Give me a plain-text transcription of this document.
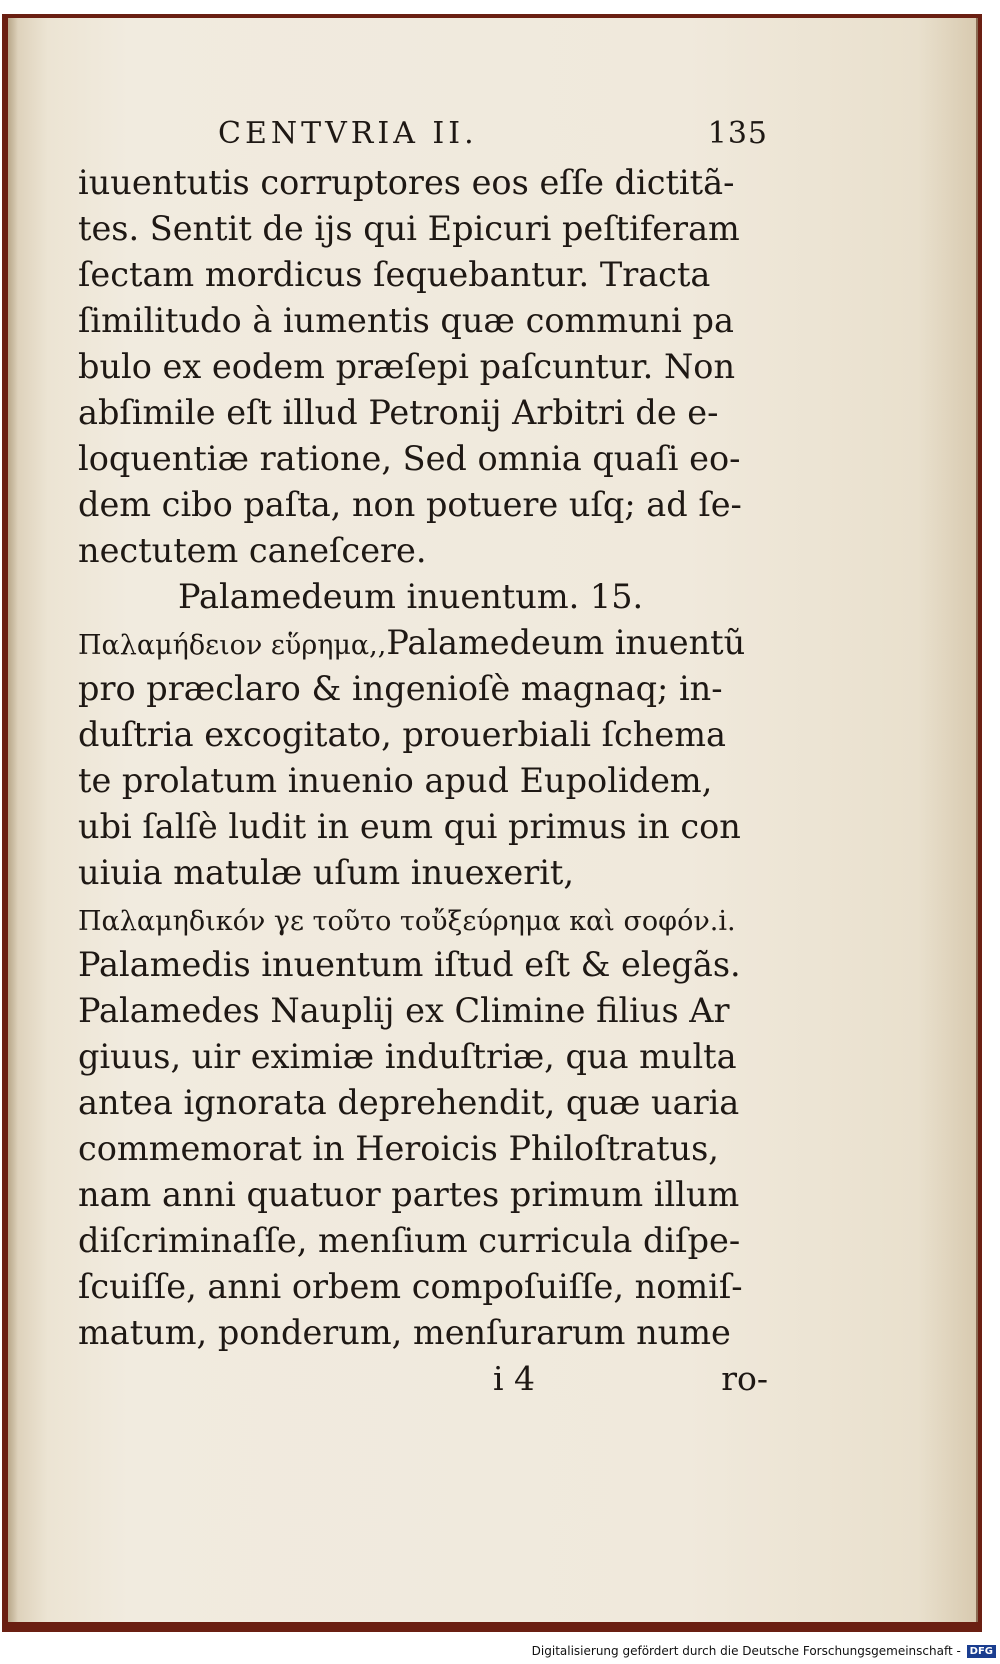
CENTVRIA II.	135
iuuentutis corruptores eos eſſe dictitã-
tes. Sentit de ijs qui Epicuri peſtiferam
ſectam mordicus ſequebantur. Tracta
ſimilitudo à iumentis quæ communi pa
bulo ex eodem præſepi paſcuntur. Non
abſimile eſt illud Petronij Arbitri de e-
loquentiæ ratione, Sed omnia quaſi eo-
dem cibo paſta, non potuere uſq; ad ſe-
nectutem caneſcere.
Palamedeum inuentum. 15.
Παλαμήδειον εὕρημα,,Palamedeum inuentũ
pro præclaro & ingenioſè magnaq; in-
duſtria excogitato, prouerbiali ſchema
te prolatum inuenio apud Eupolidem,
ubi ſalſè ludit in eum qui primus in con
uiuia matulæ uſum inuexerit,
Παλαμηδικόν γε τοῦτο τοὔξεύρημα καὶ σοφόν.i.
Palamedis inuentum iſtud eſt & elegãs.
Palamedes Nauplij ex Climine filius Ar
giuus, uir eximiæ induſtriæ, qua multa
antea ignorata deprehendit, quæ uaria
commemorat in Heroicis Philoſtratus,
nam anni quatuor partes primum illum
diſcriminaſſe, menſium curricula diſpe-
ſcuiſſe, anni orbem compoſuiſſe, nomiſ-
matum, ponderum, menſurarum nume
i 4	ro-
Digitalisierung gefördert durch die Deutsche Forschungsgemeinschaft - DFG
